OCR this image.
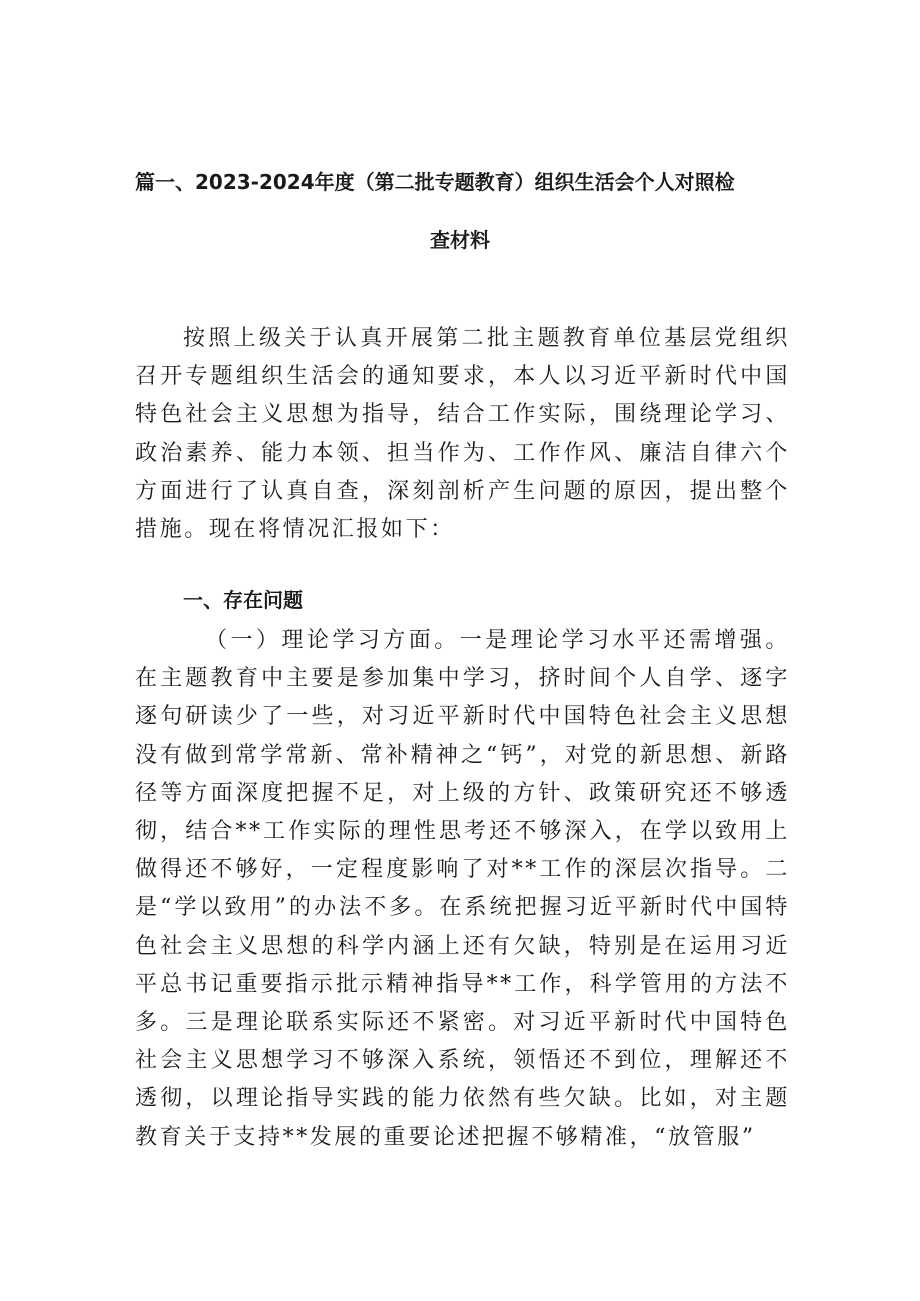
篇一、2023-2024年度（第二批专题教育）组织生活会个人对照检
查材料
按照上级关于认真开展第二批主题教育单位基层党组织召开专题组织生活会的通知要求，本人以习近平新时代中国特色社会主义思想为指导，结合工作实际，围绕理论学习、政治素养、能力本领、担当作为、工作作风、廉洁自律六个方面进行了认真自查，深刻剖析产生问题的原因，提出整个措施。现在将情况汇报如下：
一、存在问题
（一）理论学习方面。一是理论学习水平还需增强。在主题教育中主要是参加集中学习，挤时间个人自学、逐字逐句研读少了一些，对习近平新时代中国特色社会主义思想没有做到常学常新、常补精神之“钙”，对党的新思想、新路径等方面深度把握不足，对上级的方针、政策研究还不够透彻，结合**工作实际的理性思考还不够深入，在学以致用上做得还不够好，一定程度影响了对**工作的深层次指导。二是“学以致用”的办法不多。在系统把握习近平新时代中国特色社会主义思想的科学内涵上还有欠缺，特别是在运用习近平总书记重要指示批示精神指导**工作，科学管用的方法不多。三是理论联系实际还不紧密。对习近平新时代中国特色社会主义思想学习不够深入系统，领悟还不到位，理解还不透彻，以理论指导实践的能力依然有些欠缺。比如，对主题教育关于支持**发展的重要论述把握不够精准，“放管服”
